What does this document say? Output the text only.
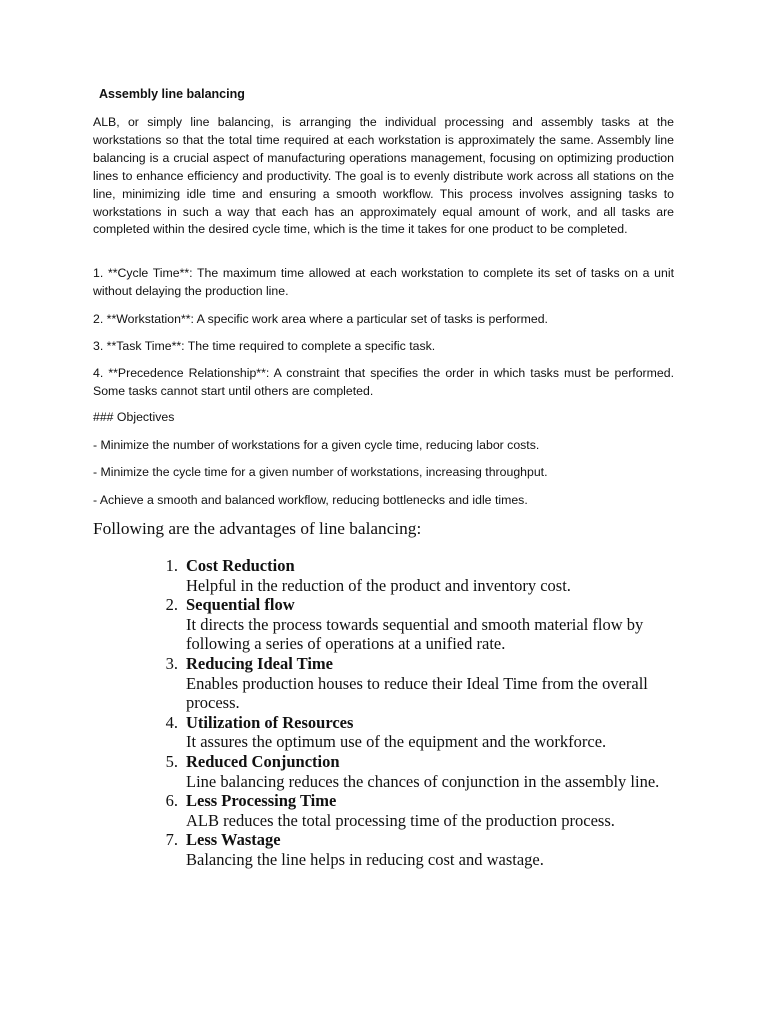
Assembly line balancing

ALB, or simply line balancing, is arranging the individual processing and assembly tasks at the workstations so that the total time required at each workstation is approximately the same. Assembly line balancing is a crucial aspect of manufacturing operations management, focusing on optimizing production lines to enhance efficiency and productivity. The goal is to evenly distribute work across all stations on the line, minimizing idle time and ensuring a smooth workflow. This process involves assigning tasks to workstations in such a way that each has an approximately equal amount of work, and all tasks are completed within the desired cycle time, which is the time it takes for one product to be completed.

1. **Cycle Time**: The maximum time allowed at each workstation to complete its set of tasks on a unit without delaying the production line.

2. **Workstation**: A specific work area where a particular set of tasks is performed.

3. **Task Time**: The time required to complete a specific task.

4. **Precedence Relationship**: A constraint that specifies the order in which tasks must be performed. Some tasks cannot start until others are completed.

### Objectives

- Minimize the number of workstations for a given cycle time, reducing labor costs.

- Minimize the cycle time for a given number of workstations, increasing throughput.

- Achieve a smooth and balanced workflow, reducing bottlenecks and idle times.

Following are the advantages of line balancing:
1. Cost Reduction
Helpful in the reduction of the product and inventory cost.
2. Sequential flow
It directs the process towards sequential and smooth material flow by following a series of operations at a unified rate.
3. Reducing Ideal Time
Enables production houses to reduce their Ideal Time from the overall process.
4. Utilization of Resources
It assures the optimum use of the equipment and the workforce.
5. Reduced Conjunction
Line balancing reduces the chances of conjunction in the assembly line.
6. Less Processing Time
ALB reduces the total processing time of the production process.
7. Less Wastage
Balancing the line helps in reducing cost and wastage.
